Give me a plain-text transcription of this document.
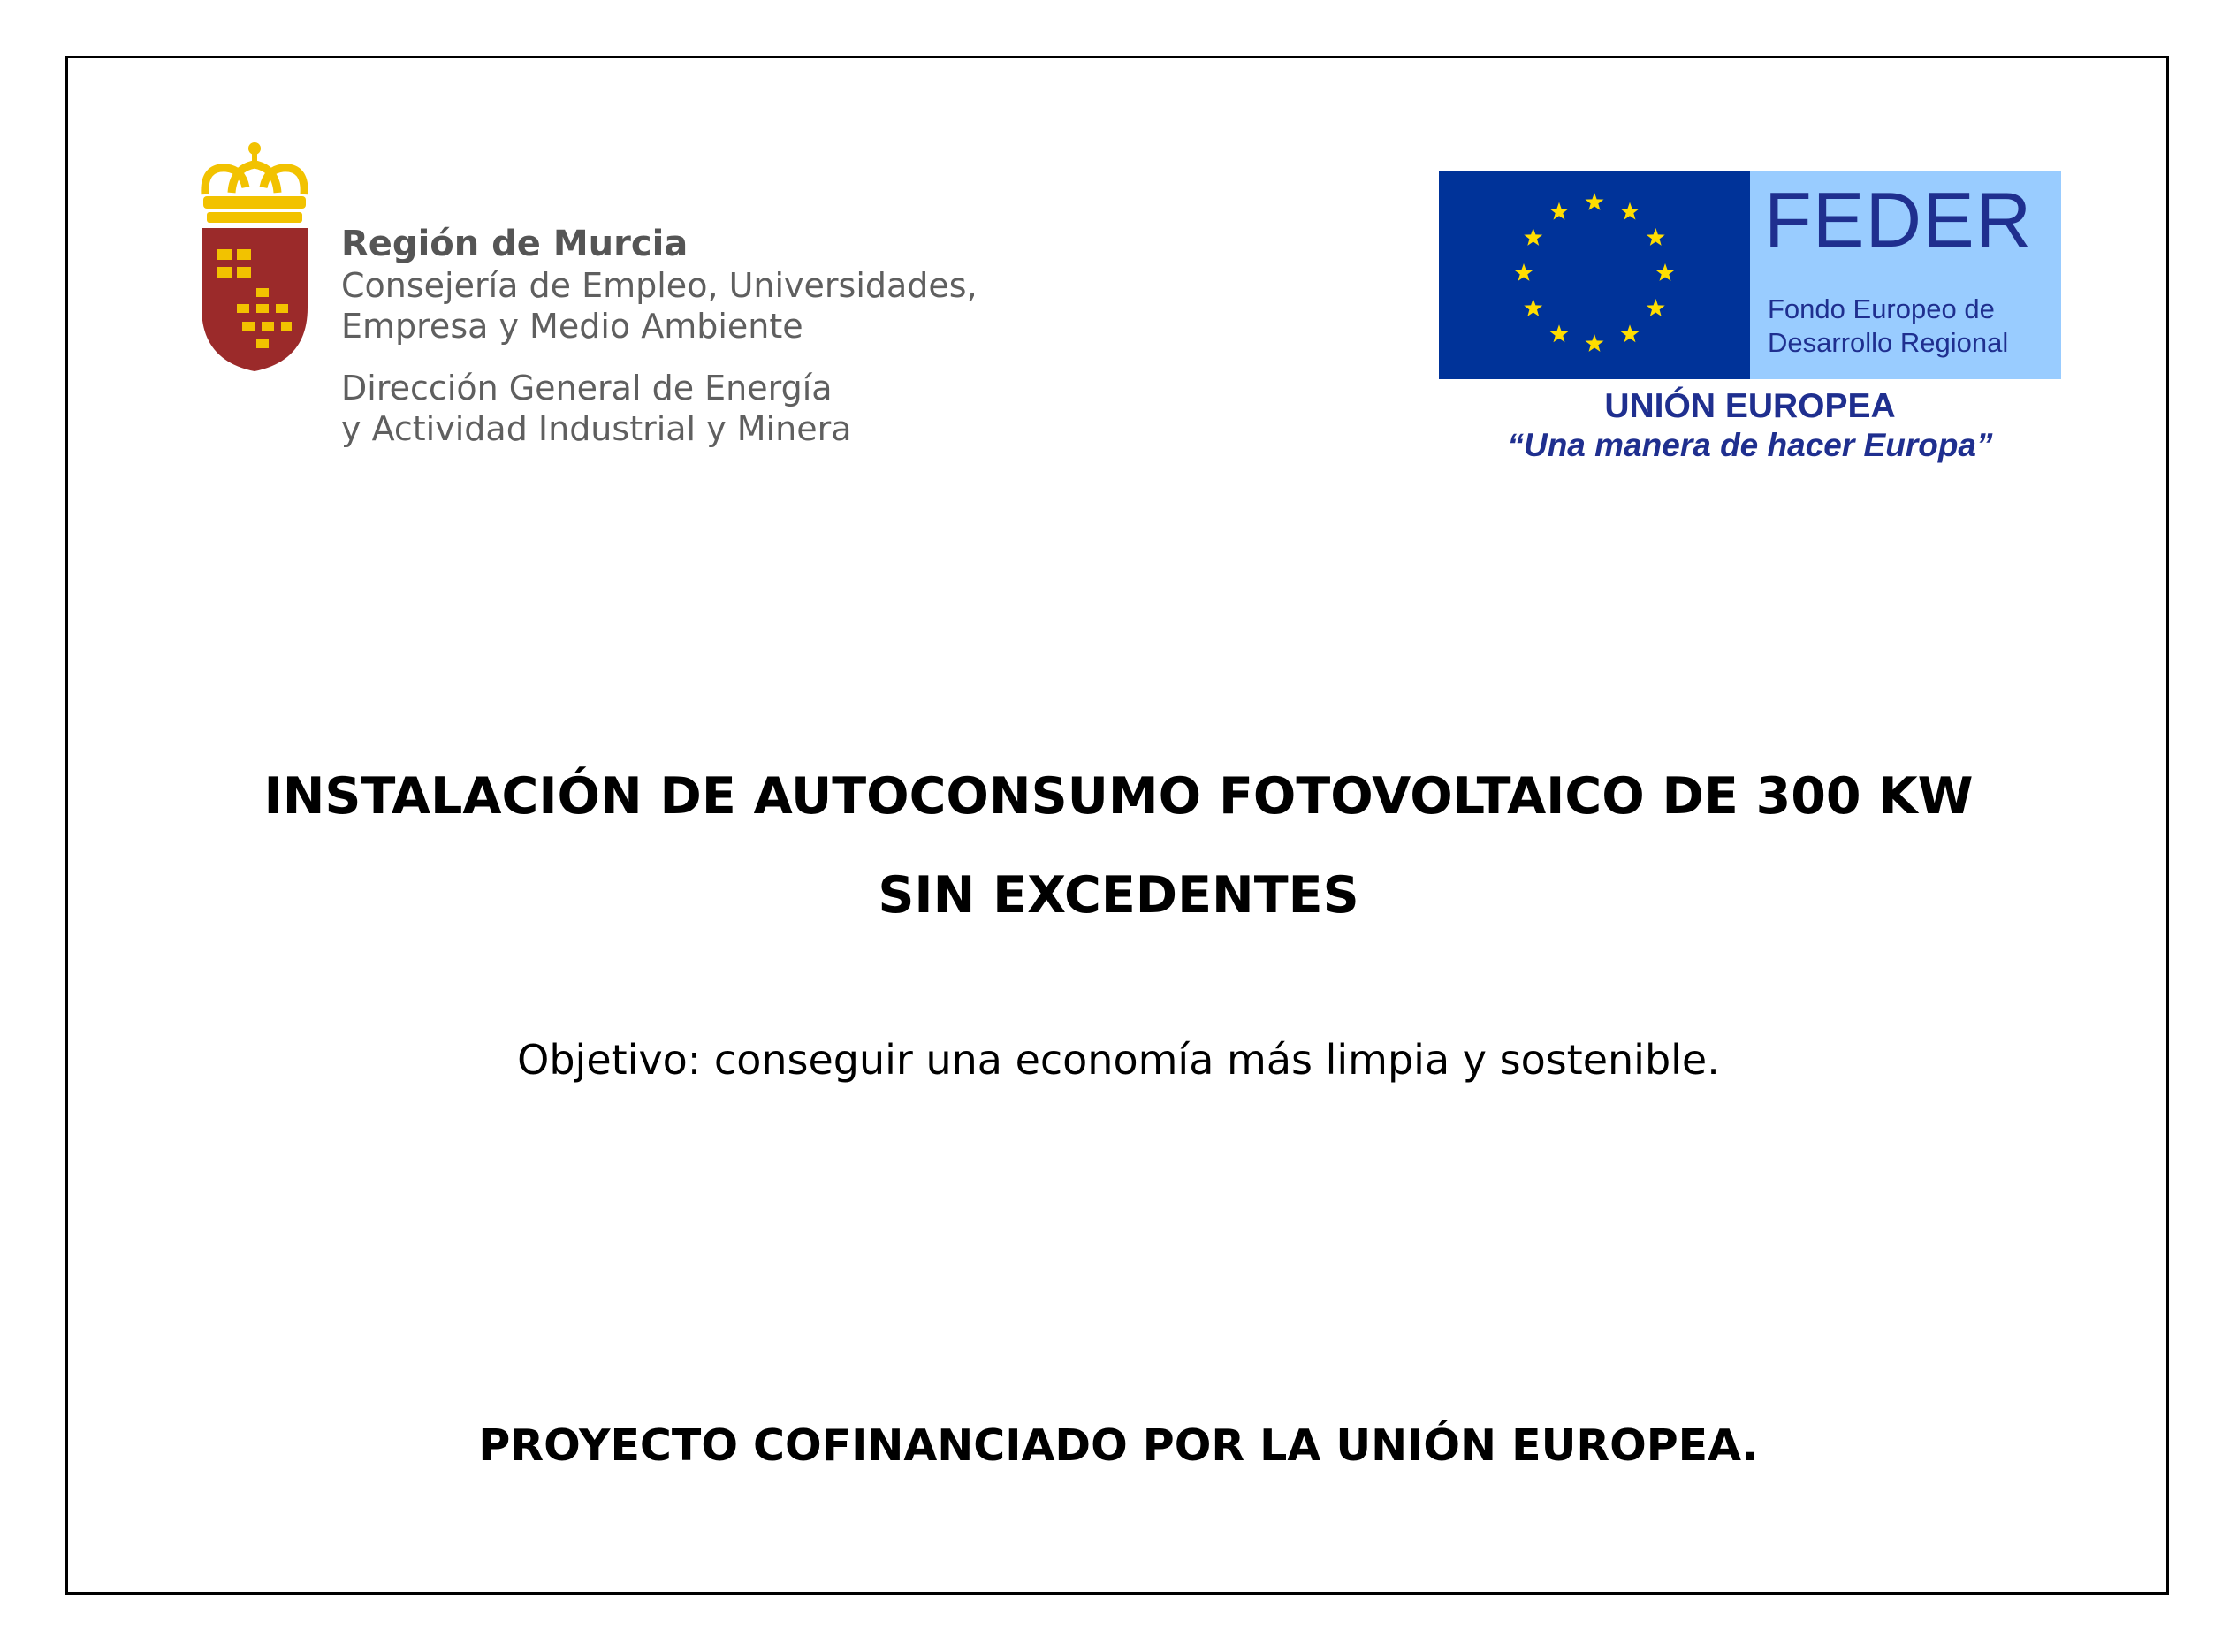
Región de Murcia
Consejería de Empleo, Universidades,
Empresa y Medio Ambiente
Dirección General de Energía
y Actividad Industrial y Minera
FEDER
Fondo Europeo de
Desarrollo Regional
UNIÓN EUROPEA
“Una manera de hacer Europa”
INSTALACIÓN DE AUTOCONSUMO FOTOVOLTAICO DE 300 KW
SIN EXCEDENTES
Objetivo: conseguir una economía más limpia y sostenible.
PROYECTO COFINANCIADO POR LA UNIÓN EUROPEA.
